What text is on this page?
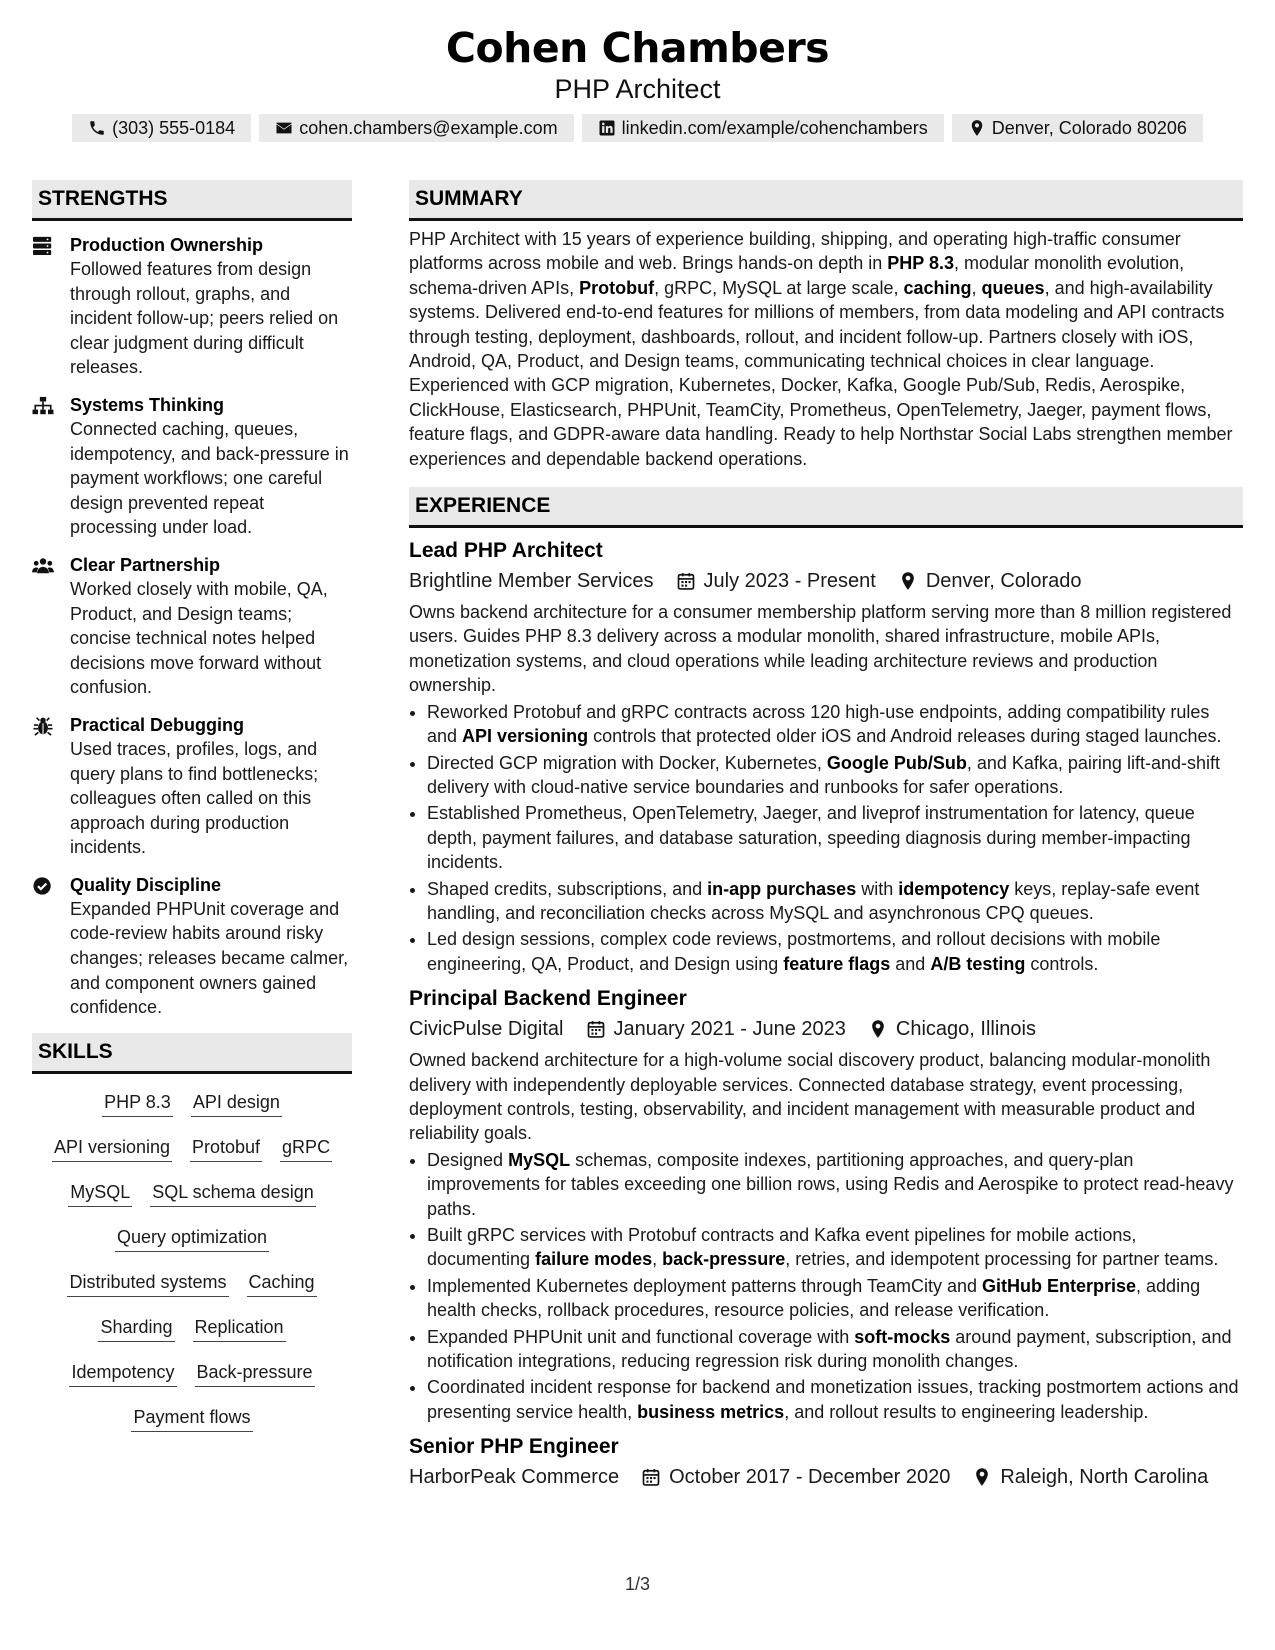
Cohen Chambers
PHP Architect
(303) 555-0184	cohen.chambers@example.com	linkedin.com/example/cohenchambers	Denver, Colorado 80206
STRENGTHS
Production Ownership
Followed features from design through rollout, graphs, and incident follow-up; peers relied on clear judgment during difficult releases.
Systems Thinking
Connected caching, queues, idempotency, and back-pressure in payment workflows; one careful design prevented repeat processing under load.
Clear Partnership
Worked closely with mobile, QA, Product, and Design teams; concise technical notes helped decisions move forward without confusion.
Practical Debugging
Used traces, profiles, logs, and query plans to find bottlenecks; colleagues often called on this approach during production incidents.
Quality Discipline
Expanded PHPUnit coverage and code-review habits around risky changes; releases became calmer, and component owners gained confidence.
SKILLS
PHP 8.3 API design
API versioning Protobuf gRPC
MySQL SQL schema design
Query optimization
Distributed systems Caching
Sharding Replication
Idempotency Back-pressure
Payment flows
SUMMARY
PHP Architect with 15 years of experience building, shipping, and operating high-traffic consumer platforms across mobile and web. Brings hands-on depth in PHP 8.3, modular monolith evolution, schema-driven APIs, Protobuf, gRPC, MySQL at large scale, caching, queues, and high-availability systems. Delivered end-to-end features for millions of members, from data modeling and API contracts through testing, deployment, dashboards, rollout, and incident follow-up. Partners closely with iOS, Android, QA, Product, and Design teams, communicating technical choices in clear language. Experienced with GCP migration, Kubernetes, Docker, Kafka, Google Pub/Sub, Redis, Aerospike, ClickHouse, Elasticsearch, PHPUnit, TeamCity, Prometheus, OpenTelemetry, Jaeger, payment flows, feature flags, and GDPR-aware data handling. Ready to help Northstar Social Labs strengthen member experiences and dependable backend operations.
EXPERIENCE
Lead PHP Architect
Brightline Member Services	July 2023 - Present	Denver, Colorado
Owns backend architecture for a consumer membership platform serving more than 8 million registered users. Guides PHP 8.3 delivery across a modular monolith, shared infrastructure, mobile APIs, monetization systems, and cloud operations while leading architecture reviews and production ownership.
• Reworked Protobuf and gRPC contracts across 120 high-use endpoints, adding compatibility rules and API versioning controls that protected older iOS and Android releases during staged launches.
• Directed GCP migration with Docker, Kubernetes, Google Pub/Sub, and Kafka, pairing lift-and-shift delivery with cloud-native service boundaries and runbooks for safer operations.
• Established Prometheus, OpenTelemetry, Jaeger, and liveprof instrumentation for latency, queue depth, payment failures, and database saturation, speeding diagnosis during member-impacting incidents.
• Shaped credits, subscriptions, and in-app purchases with idempotency keys, replay-safe event handling, and reconciliation checks across MySQL and asynchronous CPQ queues.
• Led design sessions, complex code reviews, postmortems, and rollout decisions with mobile engineering, QA, Product, and Design using feature flags and A/B testing controls.
Principal Backend Engineer
CivicPulse Digital	January 2021 - June 2023	Chicago, Illinois
Owned backend architecture for a high-volume social discovery product, balancing modular-monolith delivery with independently deployable services. Connected database strategy, event processing, deployment controls, testing, observability, and incident management with measurable product and reliability goals.
• Designed MySQL schemas, composite indexes, partitioning approaches, and query-plan improvements for tables exceeding one billion rows, using Redis and Aerospike to protect read-heavy paths.
• Built gRPC services with Protobuf contracts and Kafka event pipelines for mobile actions, documenting failure modes, back-pressure, retries, and idempotent processing for partner teams.
• Implemented Kubernetes deployment patterns through TeamCity and GitHub Enterprise, adding health checks, rollback procedures, resource policies, and release verification.
• Expanded PHPUnit unit and functional coverage with soft-mocks around payment, subscription, and notification integrations, reducing regression risk during monolith changes.
• Coordinated incident response for backend and monetization issues, tracking postmortem actions and presenting service health, business metrics, and rollout results to engineering leadership.
Senior PHP Engineer
HarborPeak Commerce	October 2017 - December 2020	Raleigh, North Carolina
1/3
